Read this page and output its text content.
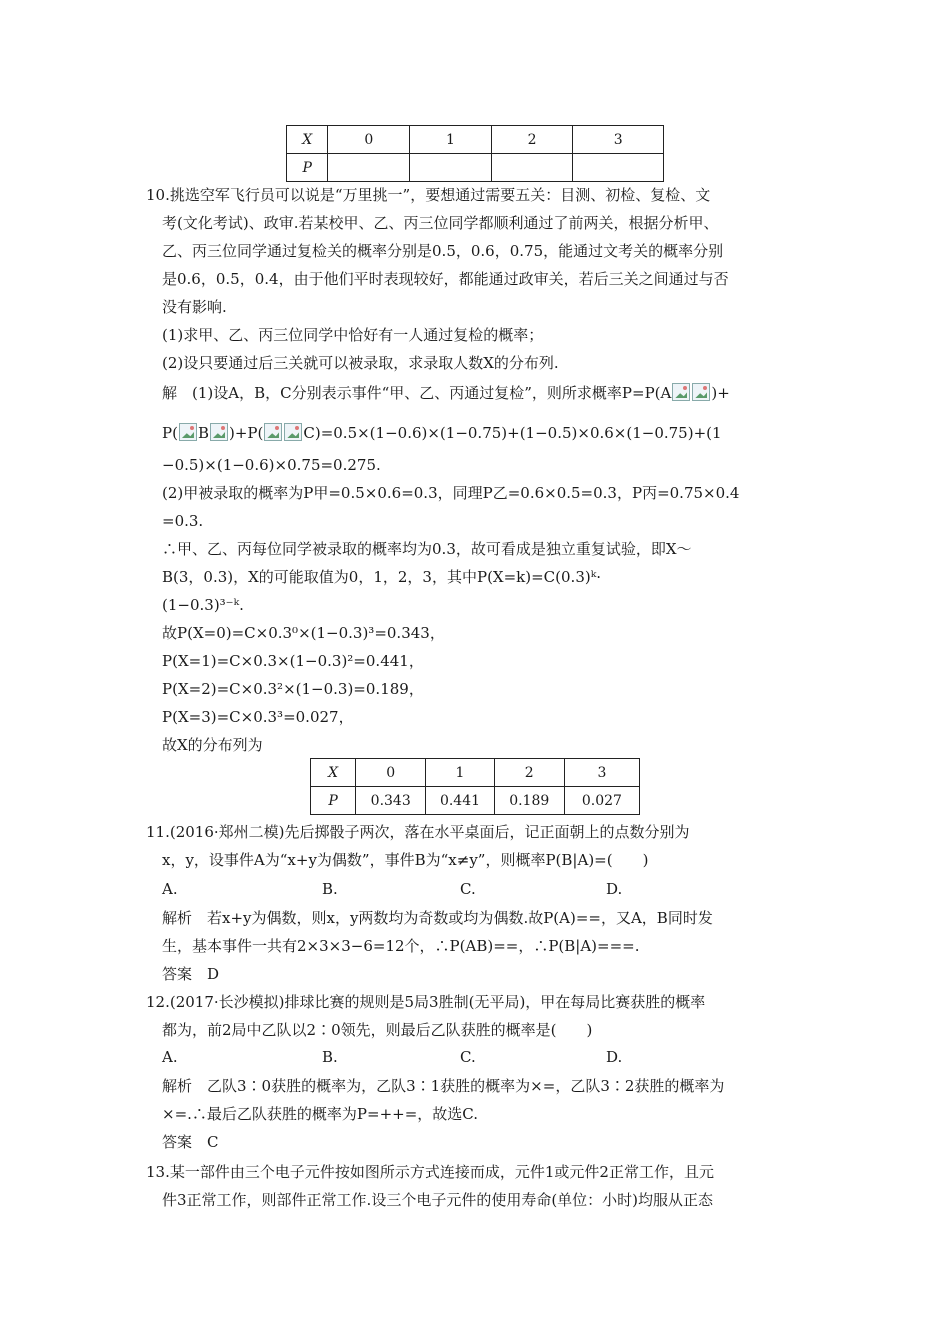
X	0	1	2	3
P				
10.挑选空军飞行员可以说是“万里挑一”，要想通过需要五关：目测、初检、复检、文
考(文化考试)、政审.若某校甲、乙、丙三位同学都顺利通过了前两关，根据分析甲、
乙、丙三位同学通过复检关的概率分别是0.5，0.6，0.75，能通过文考关的概率分别
是0.6，0.5，0.4，由于他们平时表现较好，都能通过政审关，若后三关之间通过与否
没有影响.
(1)求甲、乙、丙三位同学中恰好有一人通过复检的概率；
(2)设只要通过后三关就可以被录取，求录取人数X的分布列.
解　(1)设A，B，C分别表示事件“甲、乙、丙通过复检”，则所求概率P=P(A	)+
P( B )+P(	C)=0.5×(1−0.6)×(1−0.75)+(1−0.5)×0.6×(1−0.75)+(1
−0.5)×(1−0.6)×0.75=0.275.
(2)甲被录取的概率为P甲=0.5×0.6=0.3，同理P乙=0.6×0.5=0.3，P丙=0.75×0.4
=0.3.
∴甲、乙、丙每位同学被录取的概率均为0.3，故可看成是独立重复试验，即X～
B(3，0.3)，X的可能取值为0，1，2，3，其中P(X=k)=C(0.3)ᵏ·
(1−0.3)³⁻ᵏ.
故P(X=0)=C×0.3⁰×(1−0.3)³=0.343，
P(X=1)=C×0.3×(1−0.3)²=0.441，
P(X=2)=C×0.3²×(1−0.3)=0.189，
P(X=3)=C×0.3³=0.027，
故X的分布列为
X	0	1	2	3
P	0.343	0.441	0.189	0.027
11.(2016·郑州二模)先后掷骰子两次，落在水平桌面后，记正面朝上的点数分别为
x，y，设事件A为“x+y为偶数”，事件B为“x≠y”，则概率P(B|A)=(　　)
A.	B.	C.	D.
解析　若x+y为偶数，则x，y两数均为奇数或均为偶数.故P(A)==，又A，B同时发
生，基本事件一共有2×3×3−6=12个，∴P(AB)==，∴P(B|A)===.
答案　D
12.(2017·长沙模拟)排球比赛的规则是5局3胜制(无平局)，甲在每局比赛获胜的概率
都为，前2局中乙队以2∶0领先，则最后乙队获胜的概率是(　　)
A.	B.	C.	D.
解析　乙队3∶0获胜的概率为，乙队3∶1获胜的概率为×=，乙队3∶2获胜的概率为
×=.∴最后乙队获胜的概率为P=++=，故选C.
答案　C
13.某一部件由三个电子元件按如图所示方式连接而成，元件1或元件2正常工作，且元
件3正常工作，则部件正常工作.设三个电子元件的使用寿命(单位：小时)均服从正态
